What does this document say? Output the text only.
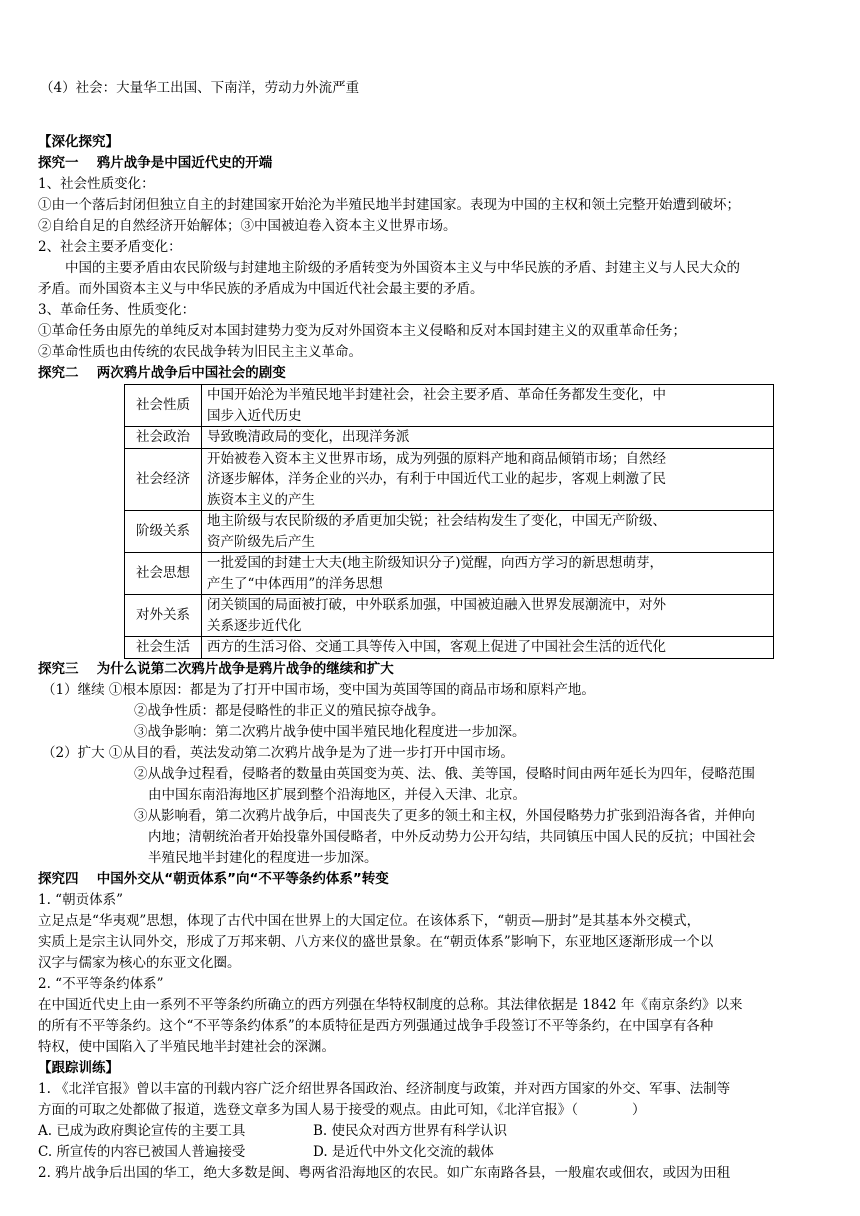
（4）社会：大量华工出国、下南洋，劳动力外流严重
【深化探究】
探究一　 鸦片战争是中国近代史的开端
1、社会性质变化：
①由一个落后封闭但独立自主的封建国家开始沦为半殖民地半封建国家。表现为中国的主权和领土完整开始遭到破坏；
②自给自足的自然经济开始解体；③中国被迫卷入资本主义世界市场。
2、社会主要矛盾变化：
中国的主要矛盾由农民阶级与封建地主阶级的矛盾转变为外国资本主义与中华民族的矛盾、封建主义与人民大众的
矛盾。而外国资本主义与中华民族的矛盾成为中国近代社会最主要的矛盾。
3、革命任务、性质变化：
①革命任务由原先的单纯反对本国封建势力变为反对外国资本主义侵略和反对本国封建主义的双重革命任务；
②革命性质也由传统的农民战争转为旧民主主义革命。
探究二　 两次鸦片战争后中国社会的剧变
社会性质	中国开始沦为半殖民地半封建社会，社会主要矛盾、革命任务都发生变化，中
国步入近代历史

社会政治	导致晚清政局的变化，出现洋务派

社会经济	开始被卷入资本主义世界市场，成为列强的原料产地和商品倾销市场；自然经
济逐步解体，洋务企业的兴办，有利于中国近代工业的起步，客观上刺激了民
族资本主义的产生

阶级关系	地主阶级与农民阶级的矛盾更加尖锐；社会结构发生了变化，中国无产阶级、
资产阶级先后产生

社会思想	一批爱国的封建士大夫(地主阶级知识分子)觉醒，向西方学习的新思想萌芽，
产生了“中体西用”的洋务思想

对外关系	闭关锁国的局面被打破，中外联系加强，中国被迫融入世界发展潮流中，对外
关系逐步近代化

社会生活	西方的生活习俗、交通工具等传入中国，客观上促进了中国社会生活的近代化
探究三　 为什么说第二次鸦片战争是鸦片战争的继续和扩大
（1）继续 ①根本原因：都是为了打开中国市场，变中国为英国等国的商品市场和原料产地。
②战争性质：都是侵略性的非正义的殖民掠夺战争。
③战争影响：第二次鸦片战争使中国半殖民地化程度进一步加深。
（2）扩大 ①从目的看，英法发动第二次鸦片战争是为了进一步打开中国市场。
②从战争过程看，侵略者的数量由英国变为英、法、俄、美等国，侵略时间由两年延长为四年，侵略范围
由中国东南沿海地区扩展到整个沿海地区，并侵入天津、北京。
③从影响看，第二次鸦片战争后，中国丧失了更多的领土和主权，外国侵略势力扩张到沿海各省，并伸向
内地；清朝统治者开始投靠外国侵略者，中外反动势力公开勾结，共同镇压中国人民的反抗；中国社会
半殖民地半封建化的程度进一步加深。
探究四　 中国外交从“朝贡体系”向“不平等条约体系”转变
1. “朝贡体系”
立足点是“华夷观”思想，体现了古代中国在世界上的大国定位。在该体系下，“朝贡—册封”是其基本外交模式，
实质上是宗主认同外交，形成了万邦来朝、八方来仪的盛世景象。在“朝贡体系”影响下，东亚地区逐渐形成一个以
汉字与儒家为核心的东亚文化圈。
2. “不平等条约体系”
在中国近代史上由一系列不平等条约所确立的西方列强在华特权制度的总称。其法律依据是 1842 年《南京条约》以来
的所有不平等条约。这个“不平等条约体系”的本质特征是西方列强通过战争手段签订不平等条约，在中国享有各种
特权，使中国陷入了半殖民地半封建社会的深渊。
【跟踪训练】
1. 《北洋官报》曾以丰富的刊载内容广泛介绍世界各国政治、经济制度与政策，并对西方国家的外交、军事、法制等
方面的可取之处都做了报道，选登文章多为国人易于接受的观点。由此可知，《北洋官报》（　　　　）
A. 已成为政府舆论宣传的主要工具	B. 使民众对西方世界有科学认识
C. 所宣传的内容已被国人普遍接受	D. 是近代中外文化交流的载体
2. 鸦片战争后出国的华工，绝大多数是闽、粤两省沿海地区的农民。如广东南路各县，一般雇农或佃农，或因为田租
